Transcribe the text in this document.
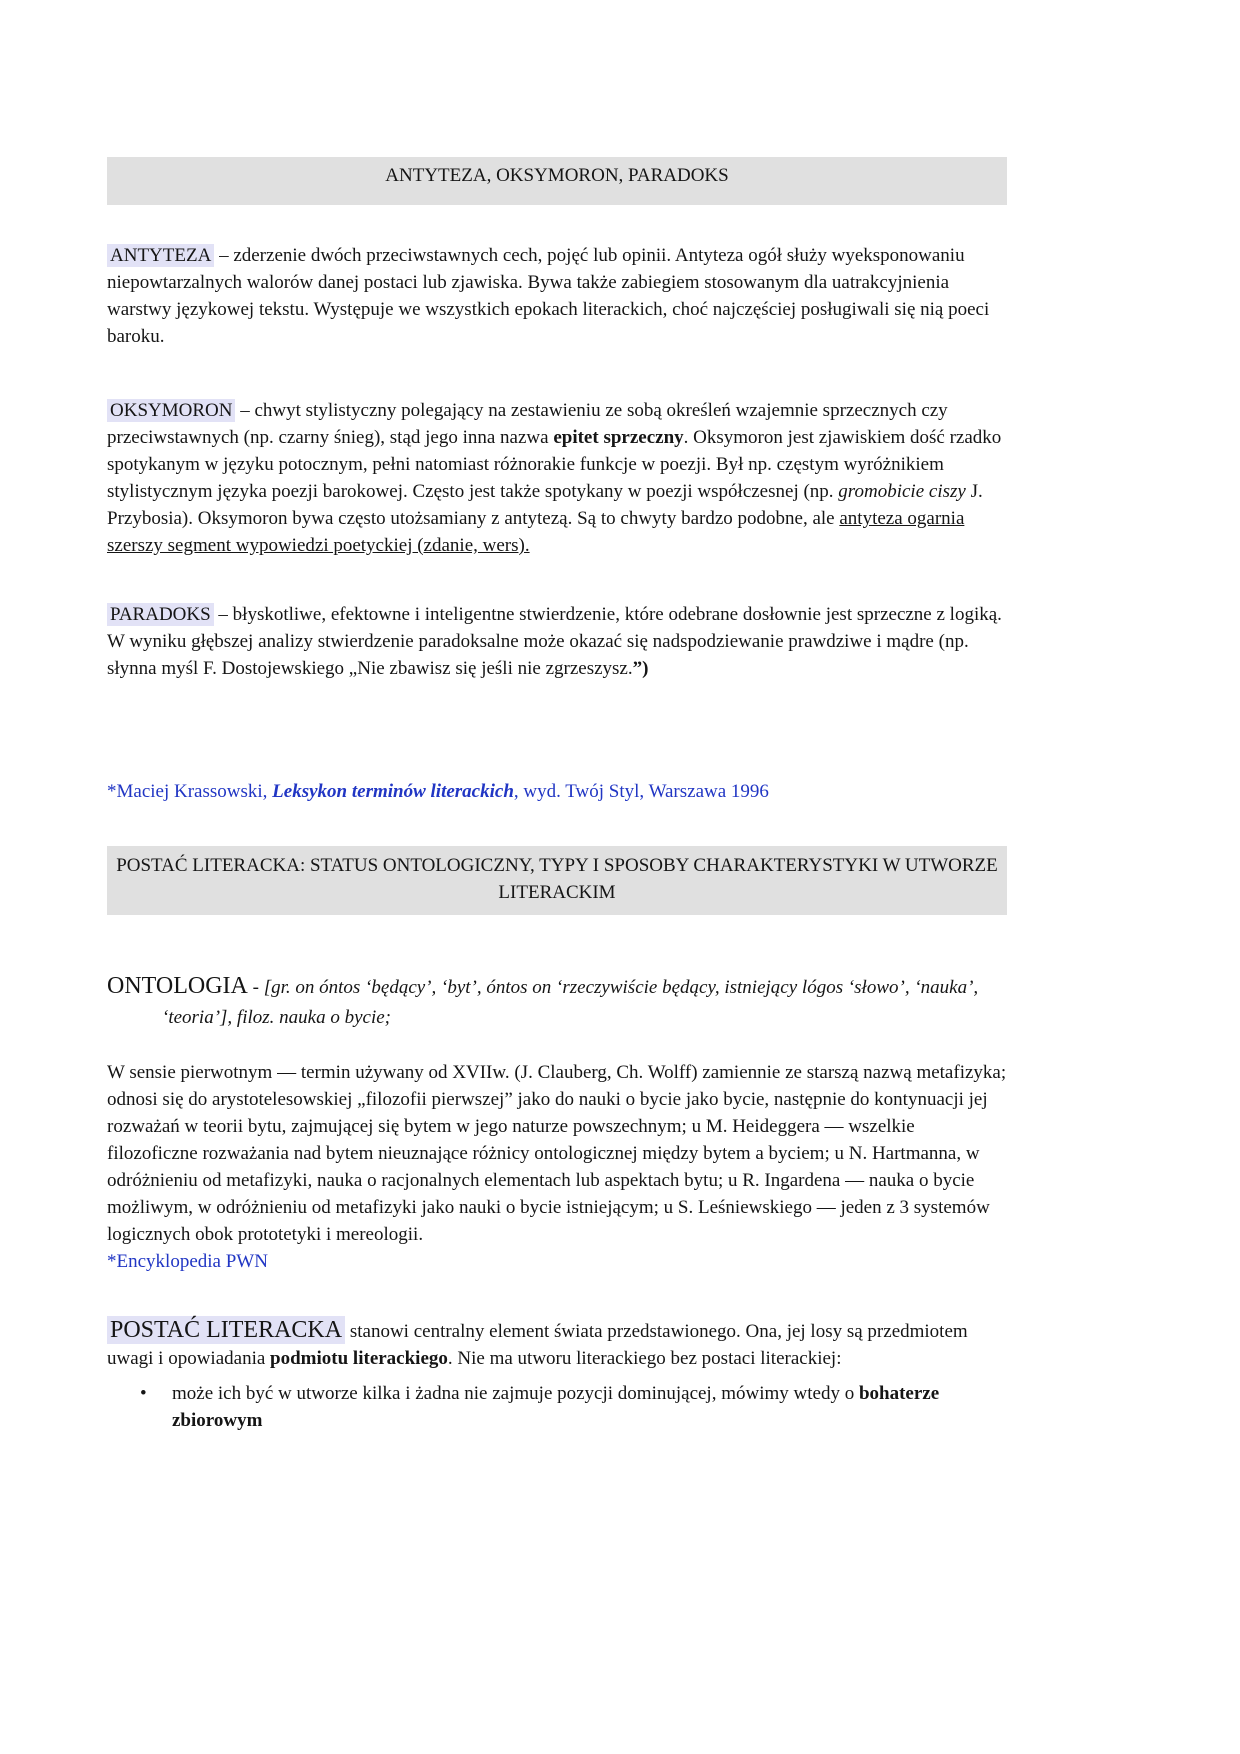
ANTYTEZA, OKSYMORON, PARADOKS

ANTYTEZA – zderzenie dwóch przeciwstawnych cech, pojęć lub opinii. Antyteza ogół służy wyeksponowaniu niepowtarzalnych walorów danej postaci lub zjawiska. Bywa także zabiegiem stosowanym dla uatrakcyjnienia warstwy językowej tekstu. Występuje we wszystkich epokach literackich, choć najczęściej posługiwali się nią poeci baroku.

OKSYMORON – chwyt stylistyczny polegający na zestawieniu ze sobą określeń wzajemnie sprzecznych czy przeciwstawnych (np. czarny śnieg), stąd jego inna nazwa epitet sprzeczny. Oksymoron jest zjawiskiem dość rzadko spotykanym w języku potocznym, pełni natomiast różnorakie funkcje w poezji. Był np. częstym wyróżnikiem stylistycznym języka poezji barokowej. Często jest także spotykany w poezji współczesnej (np. gromobicie ciszy J. Przybosia). Oksymoron bywa często utożsamiany z antytezą. Są to chwyty bardzo podobne, ale antyteza ogarnia szerszy segment wypowiedzi poetyckiej (zdanie, wers).

PARADOKS – błyskotliwe, efektowne i inteligentne stwierdzenie, które odebrane dosłownie jest sprzeczne z logiką. W wyniku głębszej analizy stwierdzenie paradoksalne może okazać się nadspodziewanie prawdziwe i mądre (np. słynna myśl F. Dostojewskiego „Nie zbawisz się jeśli nie zgrzeszysz.”)

*Maciej Krassowski, Leksykon terminów literackich, wyd. Twój Styl, Warszawa 1996

POSTAĆ LITERACKA: STATUS ONTOLOGICZNY, TYPY I SPOSOBY CHARAKTERYSTYKI W UTWORZE LITERACKIM

ONTOLOGIA - [gr. on óntos ‘będący’, ‘byt’, óntos on ‘rzeczywiście będący, istniejący lógos ‘słowo’, ‘nauka’, ‘teoria’], filoz. nauka o bycie;

W sensie pierwotnym — termin używany od XVIIw. (J. Clauberg, Ch. Wolff) zamiennie ze starszą nazwą metafizyka; odnosi się do arystotelesowskiej „filozofii pierwszej” jako do nauki o bycie jako bycie, następnie do kontynuacji jej rozważań w teorii bytu, zajmującej się bytem w jego naturze powszechnym; u M. Heideggera — wszelkie filozoficzne rozważania nad bytem nieuznające różnicy ontologicznej między bytem a byciem; u N. Hartmanna, w odróżnieniu od metafizyki, nauka o racjonalnych elementach lub aspektach bytu; u R. Ingardena — nauka o bycie możliwym, w odróżnieniu od metafizyki jako nauki o bycie istniejącym; u S. Leśniewskiego — jeden z 3 systemów logicznych obok prototetyki i mereologii.

*Encyklopedia PWN

POSTAĆ LITERACKA stanowi centralny element świata przedstawionego. Ona, jej losy są przedmiotem uwagi i opowiadania podmiotu literackiego. Nie ma utworu literackiego bez postaci literackiej:

•	może ich być w utworze kilka i żadna nie zajmuje pozycji dominującej, mówimy wtedy o bohaterze zbiorowym
